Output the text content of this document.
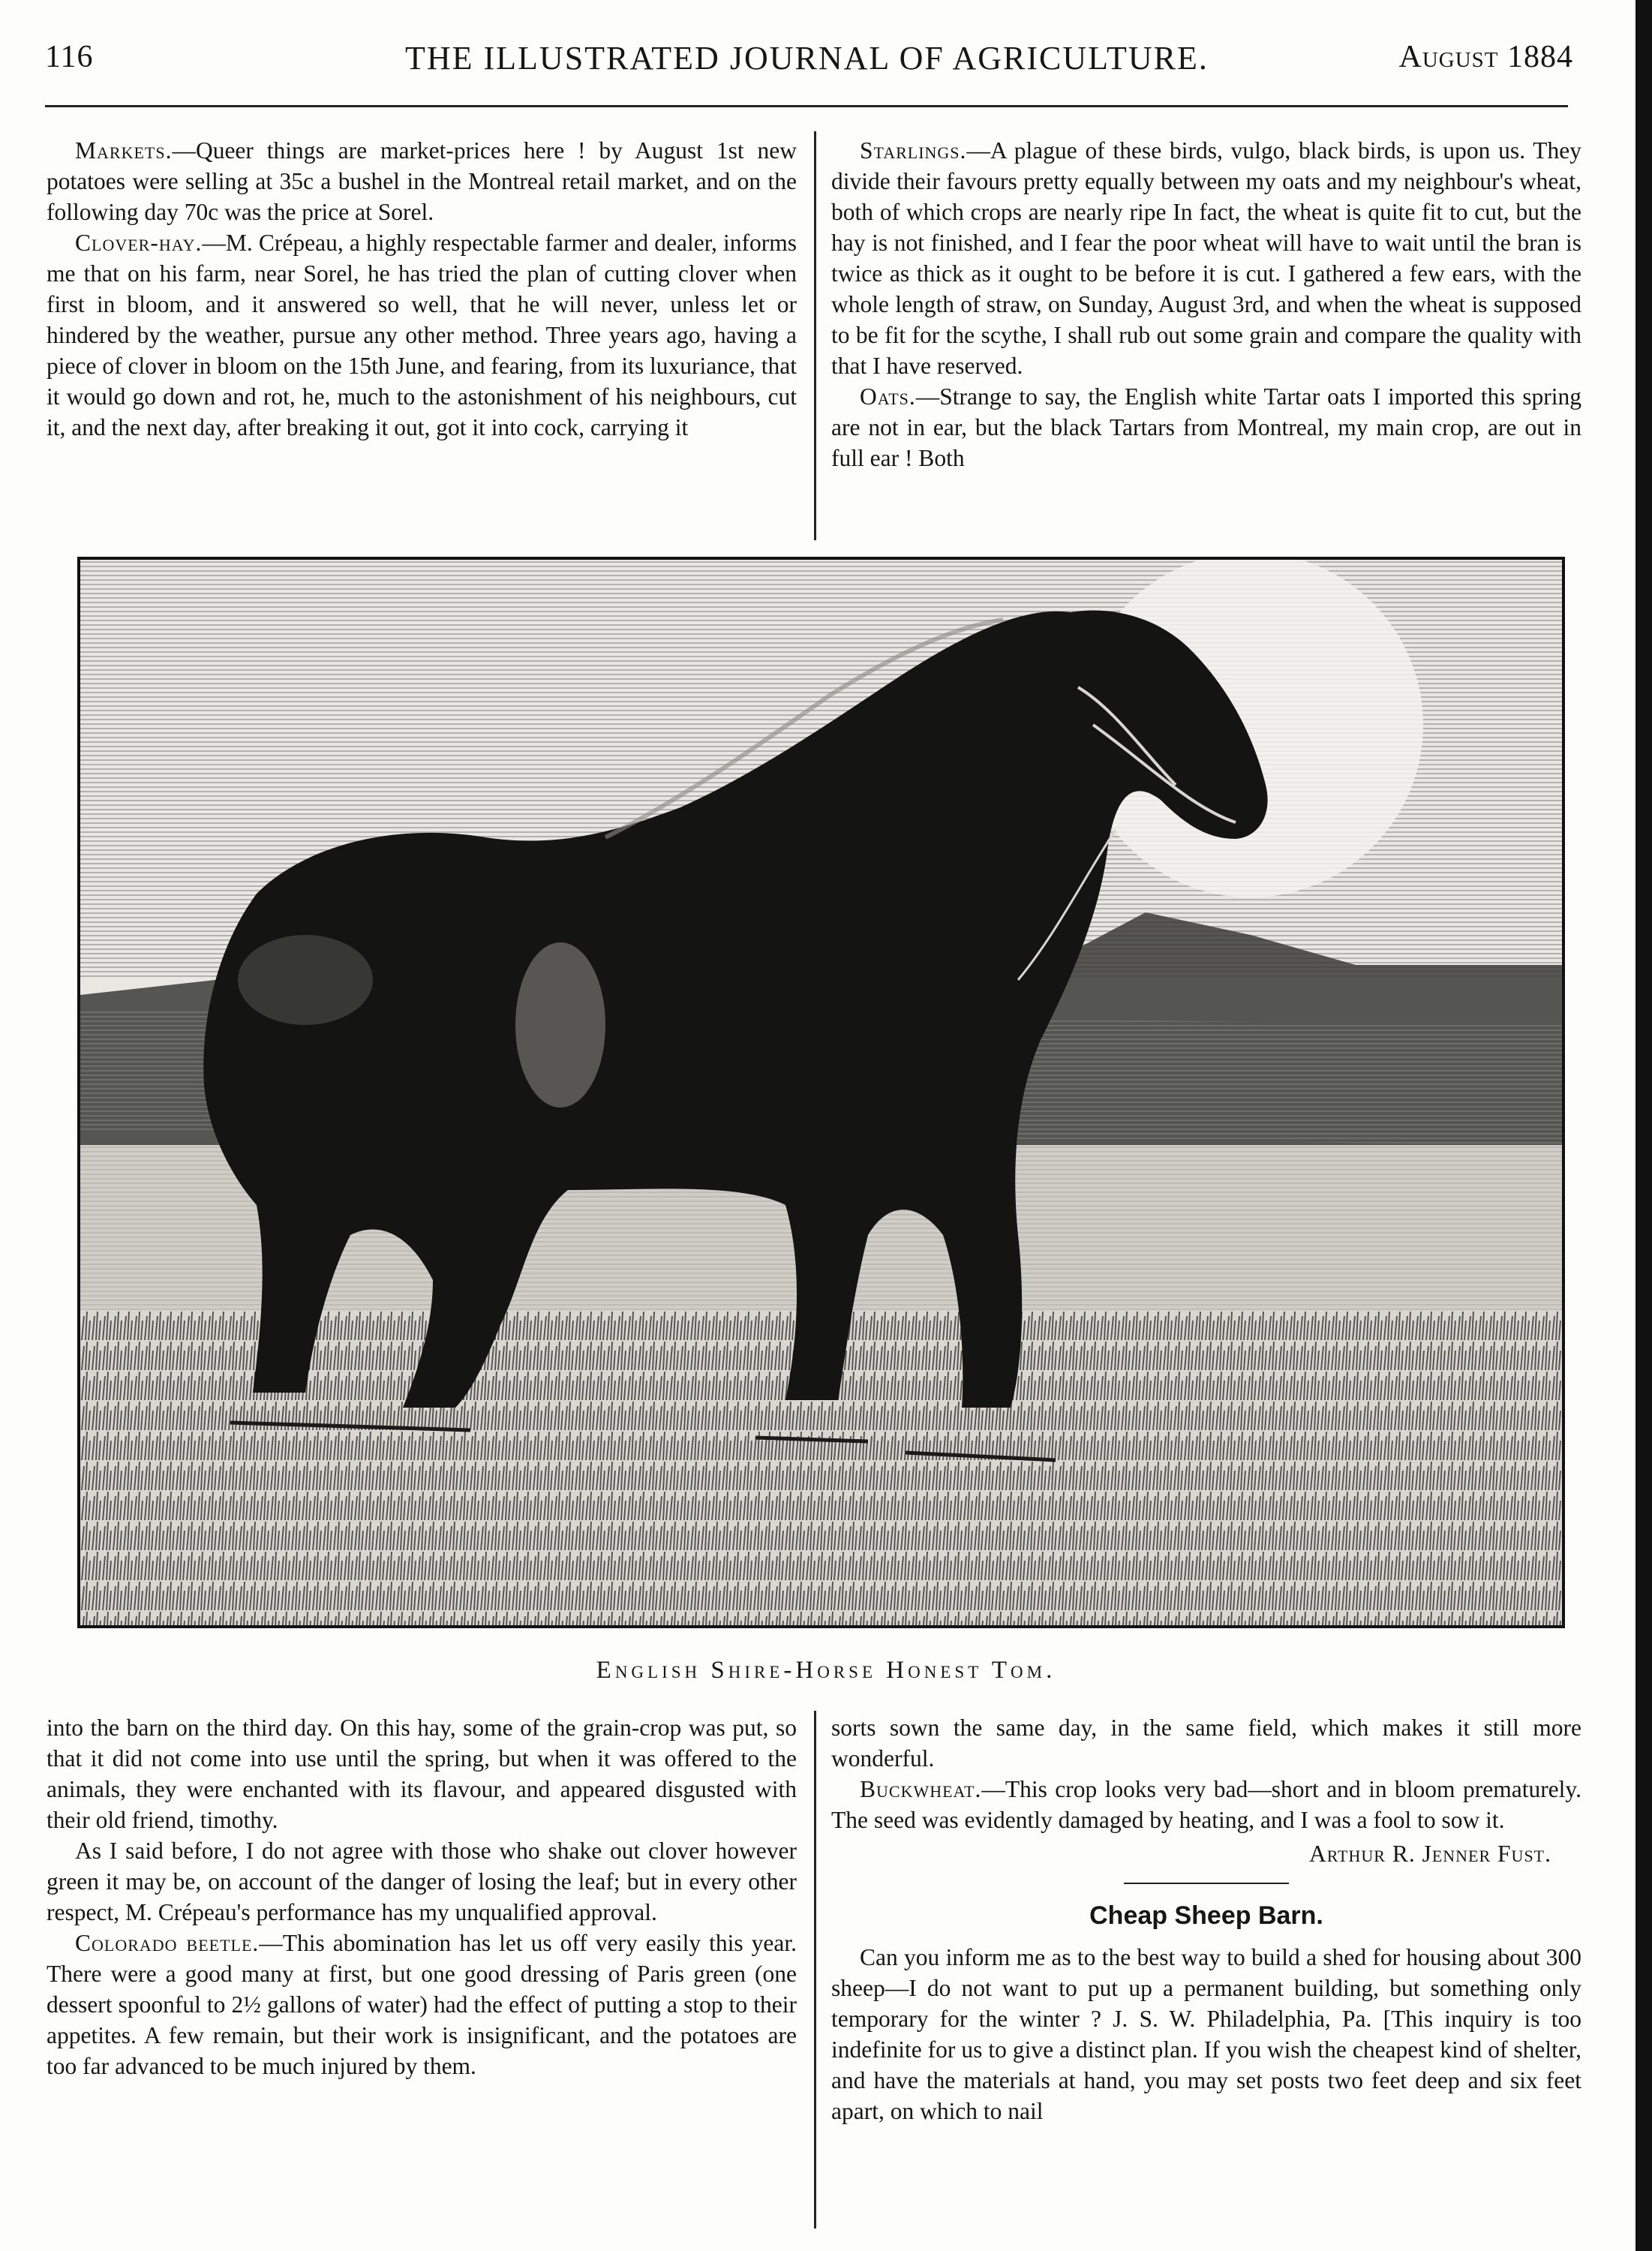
116	THE ILLUSTRATED JOURNAL OF AGRICULTURE.	August 1884

Markets.—Queer things are market-prices here ! by August 1st new potatoes were selling at 35c a bushel in the Montreal retail market, and on the following day 70c was the price at Sorel.

Clover-hay.—M. Crépeau, a highly respectable farmer and dealer, informs me that on his farm, near Sorel, he has tried the plan of cutting clover when first in bloom, and it answered so well, that he will never, unless let or hindered by the weather, pursue any other method. Three years ago, having a piece of clover in bloom on the 15th June, and fearing, from its luxuriance, that it would go down and rot, he, much to the astonishment of his neighbours, cut it, and the next day, after breaking it out, got it into cock, carrying it

Starlings.—A plague of these birds, vulgo, black birds, is upon us. They divide their favours pretty equally between my oats and my neighbour's wheat, both of which crops are nearly ripe In fact, the wheat is quite fit to cut, but the hay is not finished, and I fear the poor wheat will have to wait until the bran is twice as thick as it ought to be before it is cut. I gathered a few ears, with the whole length of straw, on Sunday, August 3rd, and when the wheat is supposed to be fit for the scythe, I shall rub out some grain and compare the quality with that I have reserved.

Oats.—Strange to say, the English white Tartar oats I imported this spring are not in ear, but the black Tartars from Montreal, my main crop, are out in full ear ! Both

English Shire-Horse Honest Tom.

into the barn on the third day. On this hay, some of the grain-crop was put, so that it did not come into use until the spring, but when it was offered to the animals, they were enchanted with its flavour, and appeared disgusted with their old friend, timothy.

As I said before, I do not agree with those who shake out clover however green it may be, on account of the danger of losing the leaf; but in every other respect, M. Crépeau's performance has my unqualified approval.

Colorado beetle.—This abomination has let us off very easily this year. There were a good many at first, but one good dressing of Paris green (one dessert spoonful to 2½ gallons of water) had the effect of putting a stop to their appetites. A few remain, but their work is insignificant, and the potatoes are too far advanced to be much injured by them.

sorts sown the same day, in the same field, which makes it still more wonderful.

Buckwheat.—This crop looks very bad—short and in bloom prematurely. The seed was evidently damaged by heating, and I was a fool to sow it.

Arthur R. Jenner Fust.

Cheap Sheep Barn.

Can you inform me as to the best way to build a shed for housing about 300 sheep—I do not want to put up a permanent building, but something only temporary for the winter ? J. S. W. Philadelphia, Pa. [This inquiry is too indefinite for us to give a distinct plan. If you wish the cheapest kind of shelter, and have the materials at hand, you may set posts two feet deep and six feet apart, on which to nail
